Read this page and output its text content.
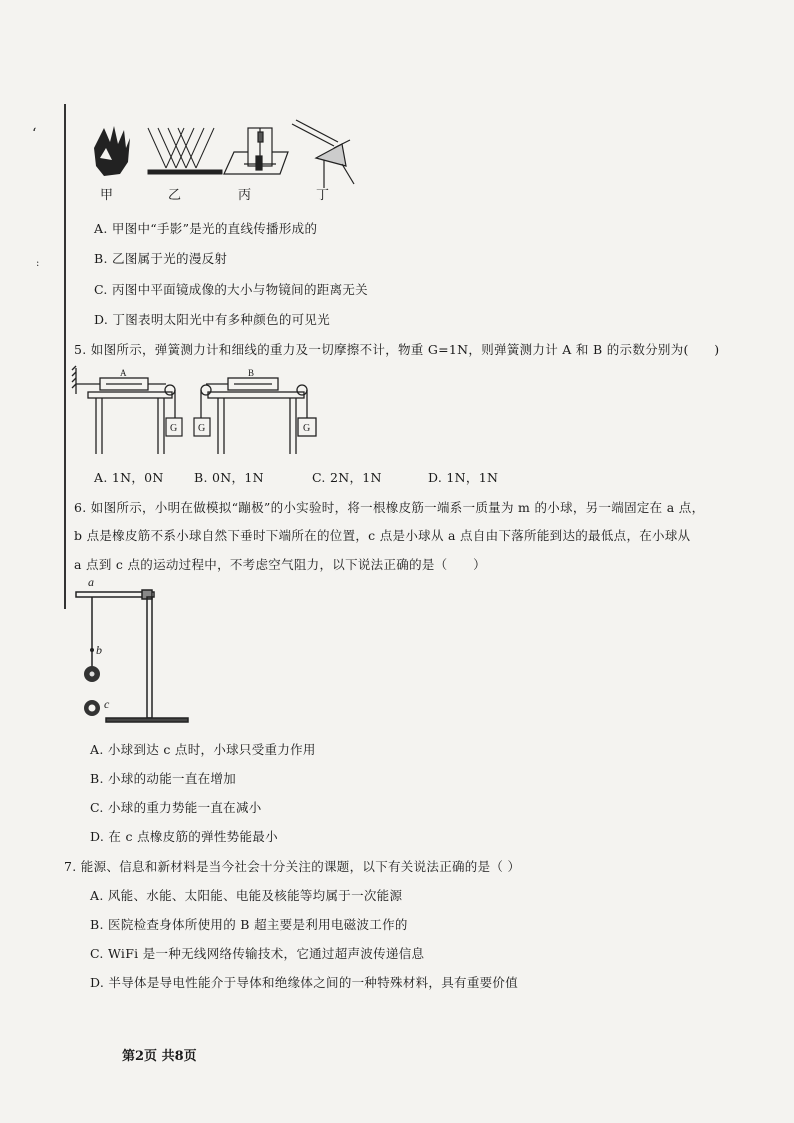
‘
:
甲	乙	丙	丁
A. 甲图中“手影”是光的直线传播形成的
B. 乙图属于光的漫反射
C. 丙图中平面镜成像的大小与物镜间的距离无关
D. 丁图表明太阳光中有多种颜色的可见光
5. 如图所示，弹簧测力计和细线的重力及一切摩擦不计，物重 G=1N，则弹簧测力计 A 和 B 的示数分别为(　　)
A	B
G G	G
A. 1N，0N B. 0N，1N	C. 2N，1N	D. 1N，1N
6. 如图所示，小明在做模拟“蹦极”的小实验时，将一根橡皮筋一端系一质量为 m 的小球，另一端固定在 a 点，
b 点是橡皮筋不系小球自然下垂时下端所在的位置，c 点是小球从 a 点自由下落所能到达的最低点，在小球从
a 点到 c 点的运动过程中，不考虑空气阻力，以下说法正确的是（　　）
a
b
c
A. 小球到达 c 点时，小球只受重力作用
B. 小球的动能一直在增加
C. 小球的重力势能一直在减小
D. 在 c 点橡皮筋的弹性势能最小
7. 能源、信息和新材料是当今社会十分关注的课题，以下有关说法正确的是（ ）
A. 风能、水能、太阳能、电能及核能等均属于一次能源
B. 医院检查身体所使用的 B 超主要是利用电磁波工作的
C. WiFi 是一种无线网络传输技术，它通过超声波传递信息
D. 半导体是导电性能介于导体和绝缘体之间的一种特殊材料，具有重要价值
第2页 共8页
